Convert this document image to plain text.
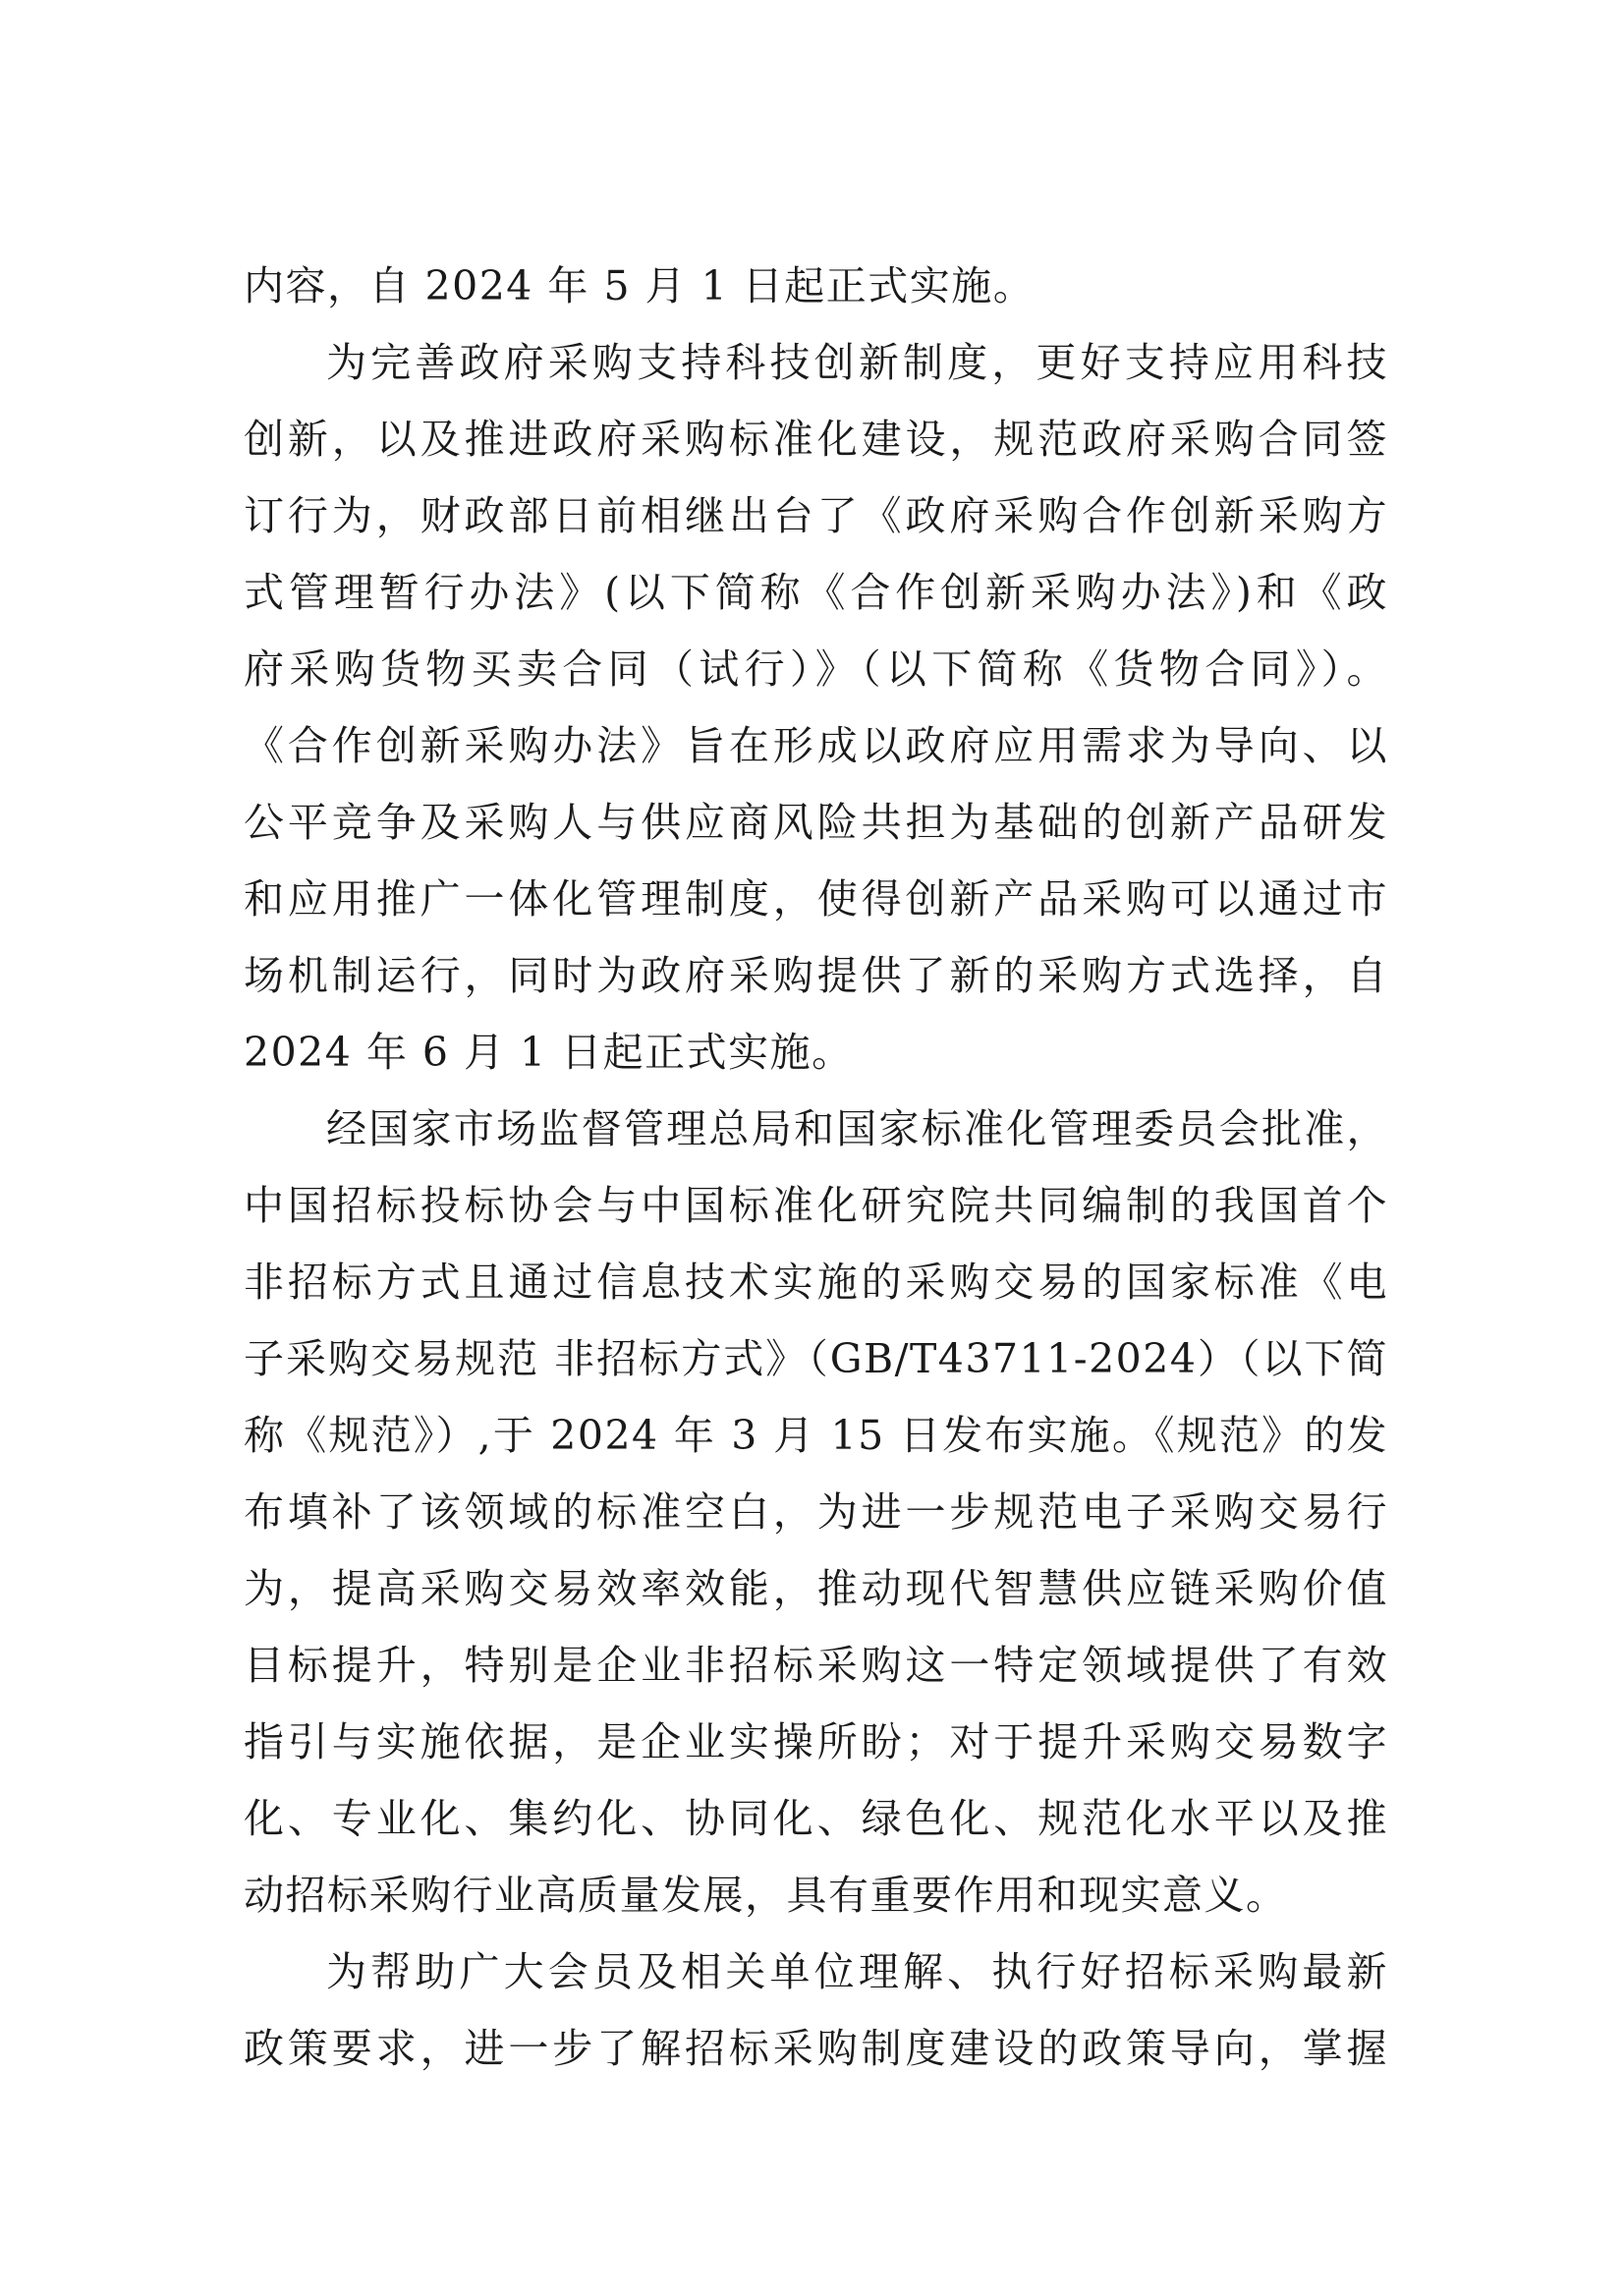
内容，自 2024 年 5 月 1 日起正式实施。
为完善政府采购支持科技创新制度，更好支持应用科技
创新，以及推进政府采购标准化建设，规范政府采购合同签
订行为，财政部日前相继出台了《政府采购合作创新采购方
式管理暂行办法》(以下简称《合作创新采购办法》)和《政
府采购货物买卖合同（试行）》（以下简称《货物合同》）。
《合作创新采购办法》旨在形成以政府应用需求为导向、以
公平竞争及采购人与供应商风险共担为基础的创新产品研发
和应用推广一体化管理制度，使得创新产品采购可以通过市
场机制运行，同时为政府采购提供了新的采购方式选择，自
2024 年 6 月 1 日起正式实施。
经国家市场监督管理总局和国家标准化管理委员会批准，
中国招标投标协会与中国标准化研究院共同编制的我国首个
非招标方式且通过信息技术实施的采购交易的国家标准《电
子采购交易规范 非招标方式》（GB/T43711-2024）（以下简
称《规范》）,于 2024 年 3 月 15 日发布实施。《规范》的发
布填补了该领域的标准空白，为进一步规范电子采购交易行
为，提高采购交易效率效能，推动现代智慧供应链采购价值
目标提升，特别是企业非招标采购这一特定领域提供了有效
指引与实施依据，是企业实操所盼；对于提升采购交易数字
化、专业化、集约化、协同化、绿色化、规范化水平以及推
动招标采购行业高质量发展，具有重要作用和现实意义。
为帮助广大会员及相关单位理解、执行好招标采购最新
政策要求，进一步了解招标采购制度建设的政策导向，掌握
